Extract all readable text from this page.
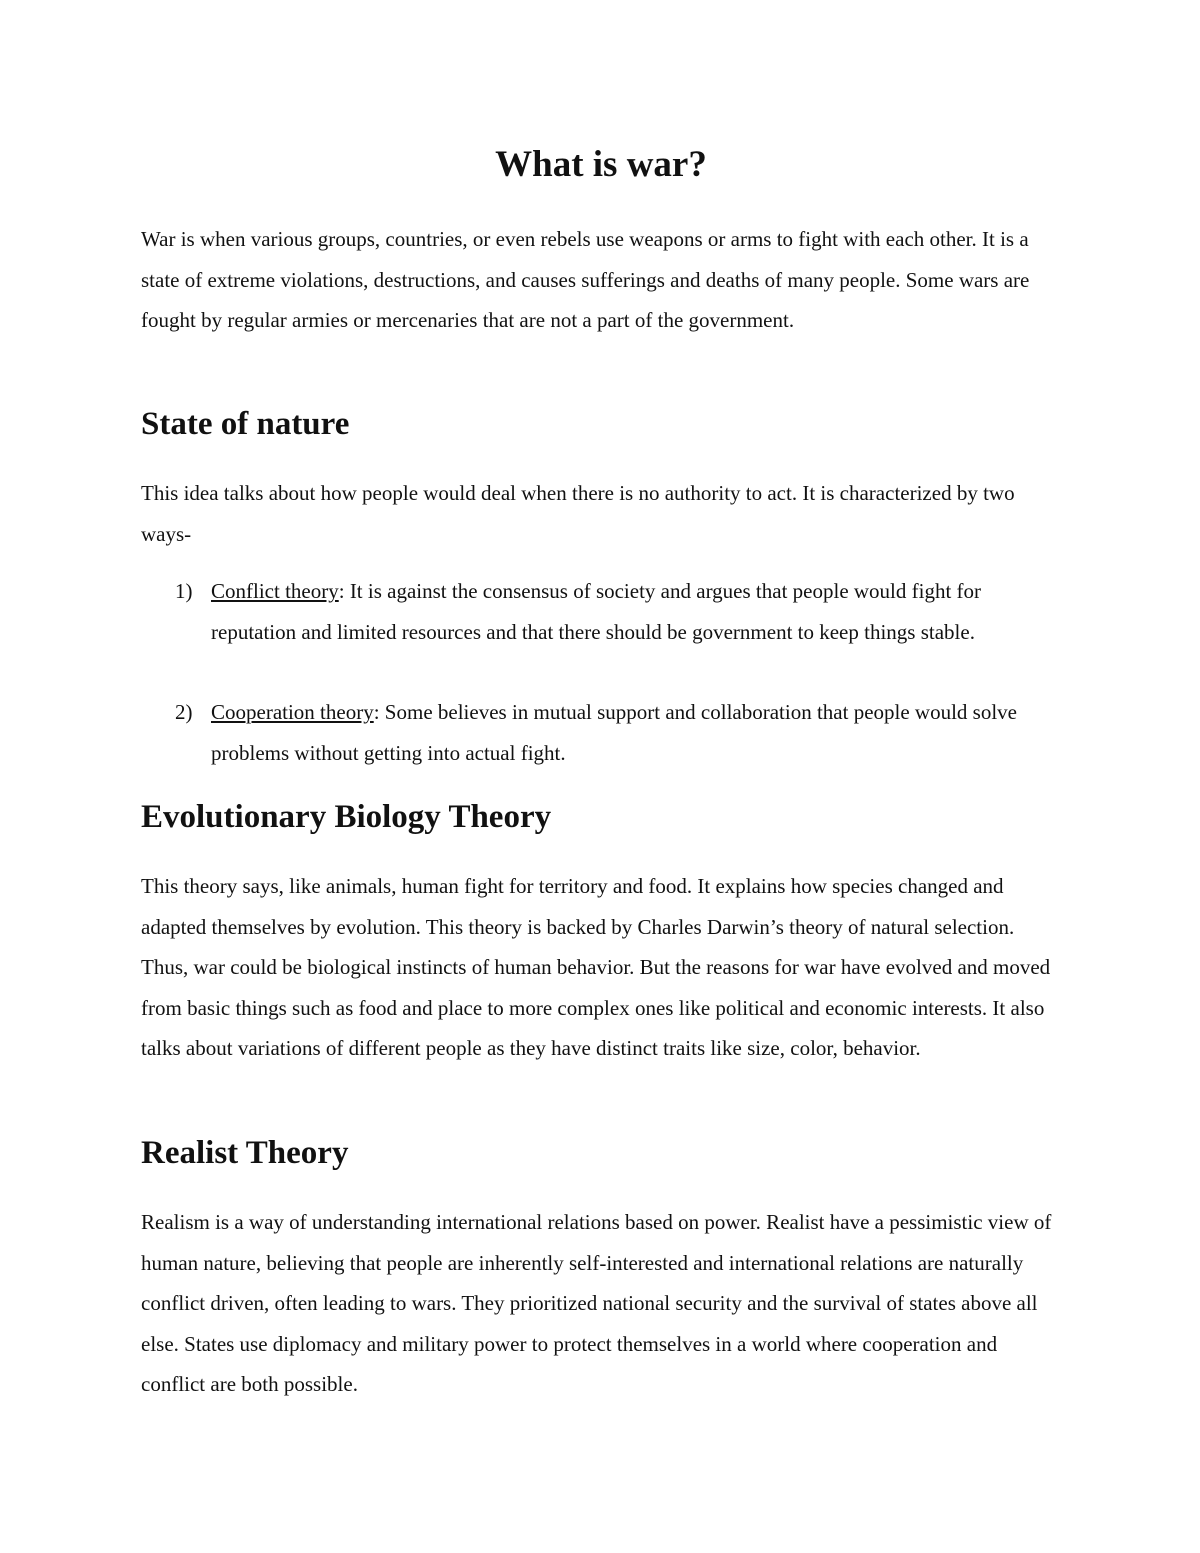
What is war?

War is when various groups, countries, or even rebels use weapons or arms to fight with each other. It is a state of extreme violations, destructions, and causes sufferings and deaths of many people. Some wars are fought by regular armies or mercenaries that are not a part of the government.

State of nature

This idea talks about how people would deal when there is no authority to act. It is characterized by two ways-

1) Conflict theory: It is against the consensus of society and argues that people would fight for reputation and limited resources and that there should be government to keep things stable.
2) Cooperation theory: Some believes in mutual support and collaboration that people would solve problems without getting into actual fight.
Evolutionary Biology Theory

This theory says, like animals, human fight for territory and food. It explains how species changed and adapted themselves by evolution. This theory is backed by Charles Darwin’s theory of natural selection. Thus, war could be biological instincts of human behavior. But the reasons for war have evolved and moved from basic things such as food and place to more complex ones like political and economic interests. It also talks about variations of different people as they have distinct traits like size, color, behavior.

Realist Theory

Realism is a way of understanding international relations based on power. Realist have a pessimistic view of human nature, believing that people are inherently self-interested and international relations are naturally conflict driven, often leading to wars. They prioritized national security and the survival of states above all else. States use diplomacy and military power to protect themselves in a world where cooperation and conflict are both possible.
